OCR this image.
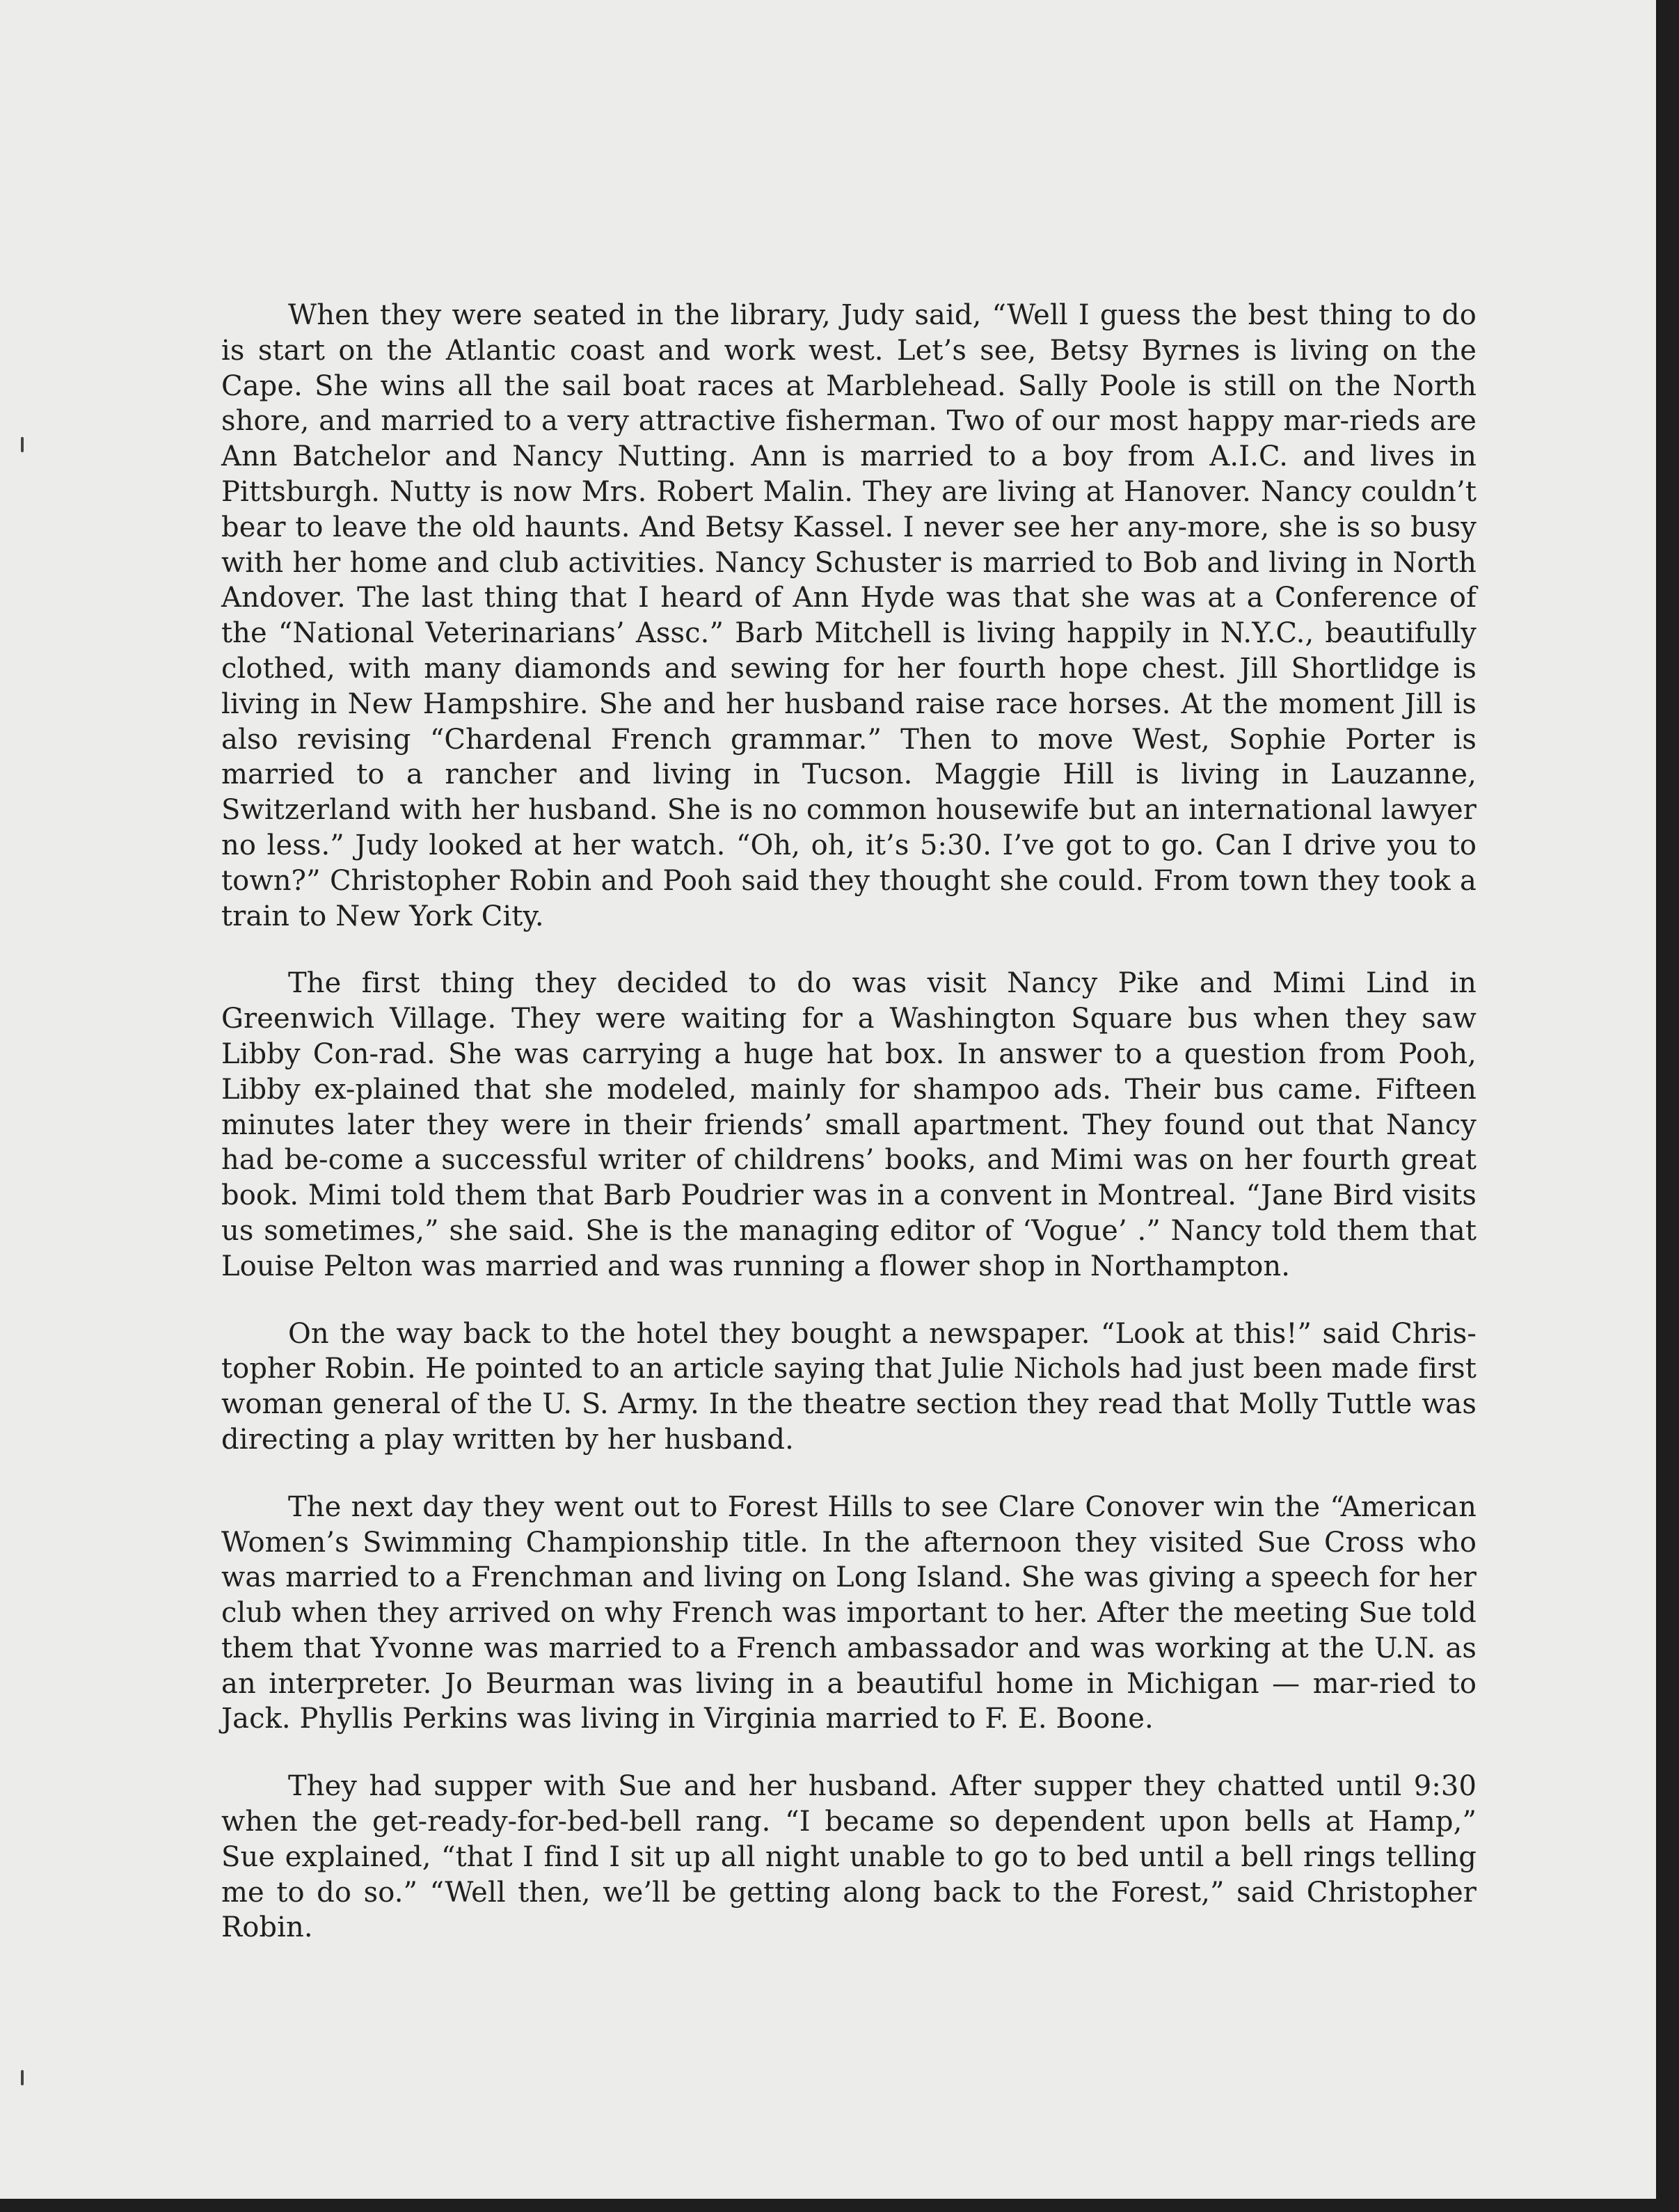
When they were seated in the library, Judy said, “Well I guess the best thing to do is start on the Atlantic coast and work west. Let’s see, Betsy Byrnes is living on the Cape. She wins all the sail boat races at Marblehead. Sally Poole is still on the North shore, and married to a very attractive fisherman. Two of our most happy mar-rieds are Ann Batchelor and Nancy Nutting. Ann is married to a boy from A.I.C. and lives in Pittsburgh. Nutty is now Mrs. Robert Malin. They are living at Hanover. Nancy couldn’t bear to leave the old haunts. And Betsy Kassel. I never see her any-more, she is so busy with her home and club activities. Nancy Schuster is married to Bob and living in North Andover. The last thing that I heard of Ann Hyde was that she was at a Conference of the “National Veterinarians’ Assc.” Barb Mitchell is living happily in N.Y.C., beautifully clothed, with many diamonds and sewing for her fourth hope chest. Jill Shortlidge is living in New Hampshire. She and her husband raise race horses. At the moment Jill is also revising “Chardenal French grammar.” Then to move West, Sophie Porter is married to a rancher and living in Tucson. Maggie Hill is living in Lauzanne, Switzerland with her husband. She is no common housewife but an international lawyer no less.” Judy looked at her watch. “Oh, oh, it’s 5:30. I’ve got to go. Can I drive you to town?” Christopher Robin and Pooh said they thought she could. From town they took a train to New York City.

The first thing they decided to do was visit Nancy Pike and Mimi Lind in Greenwich Village. They were waiting for a Washington Square bus when they saw Libby Con-rad. She was carrying a huge hat box. In answer to a question from Pooh, Libby ex-plained that she modeled, mainly for shampoo ads. Their bus came. Fifteen minutes later they were in their friends’ small apartment. They found out that Nancy had be-come a successful writer of childrens’ books, and Mimi was on her fourth great book. Mimi told them that Barb Poudrier was in a convent in Montreal. “Jane Bird visits us sometimes,” she said. She is the managing editor of ‘Vogue’ .” Nancy told them that Louise Pelton was married and was running a flower shop in Northampton.

On the way back to the hotel they bought a newspaper. “Look at this!” said Chris-topher Robin. He pointed to an article saying that Julie Nichols had just been made first woman general of the U. S. Army. In the theatre section they read that Molly Tuttle was directing a play written by her husband.

The next day they went out to Forest Hills to see Clare Conover win the “American Women’s Swimming Championship title. In the afternoon they visited Sue Cross who was married to a Frenchman and living on Long Island. She was giving a speech for her club when they arrived on why French was important to her. After the meeting Sue told them that Yvonne was married to a French ambassador and was working at the U.N. as an interpreter. Jo Beurman was living in a beautiful home in Michigan — mar-ried to Jack. Phyllis Perkins was living in Virginia married to F. E. Boone.

They had supper with Sue and her husband. After supper they chatted until 9:30 when the get-ready-for-bed-bell rang. “I became so dependent upon bells at Hamp,” Sue explained, “that I find I sit up all night unable to go to bed until a bell rings telling me to do so.” “Well then, we’ll be getting along back to the Forest,” said Christopher Robin.
